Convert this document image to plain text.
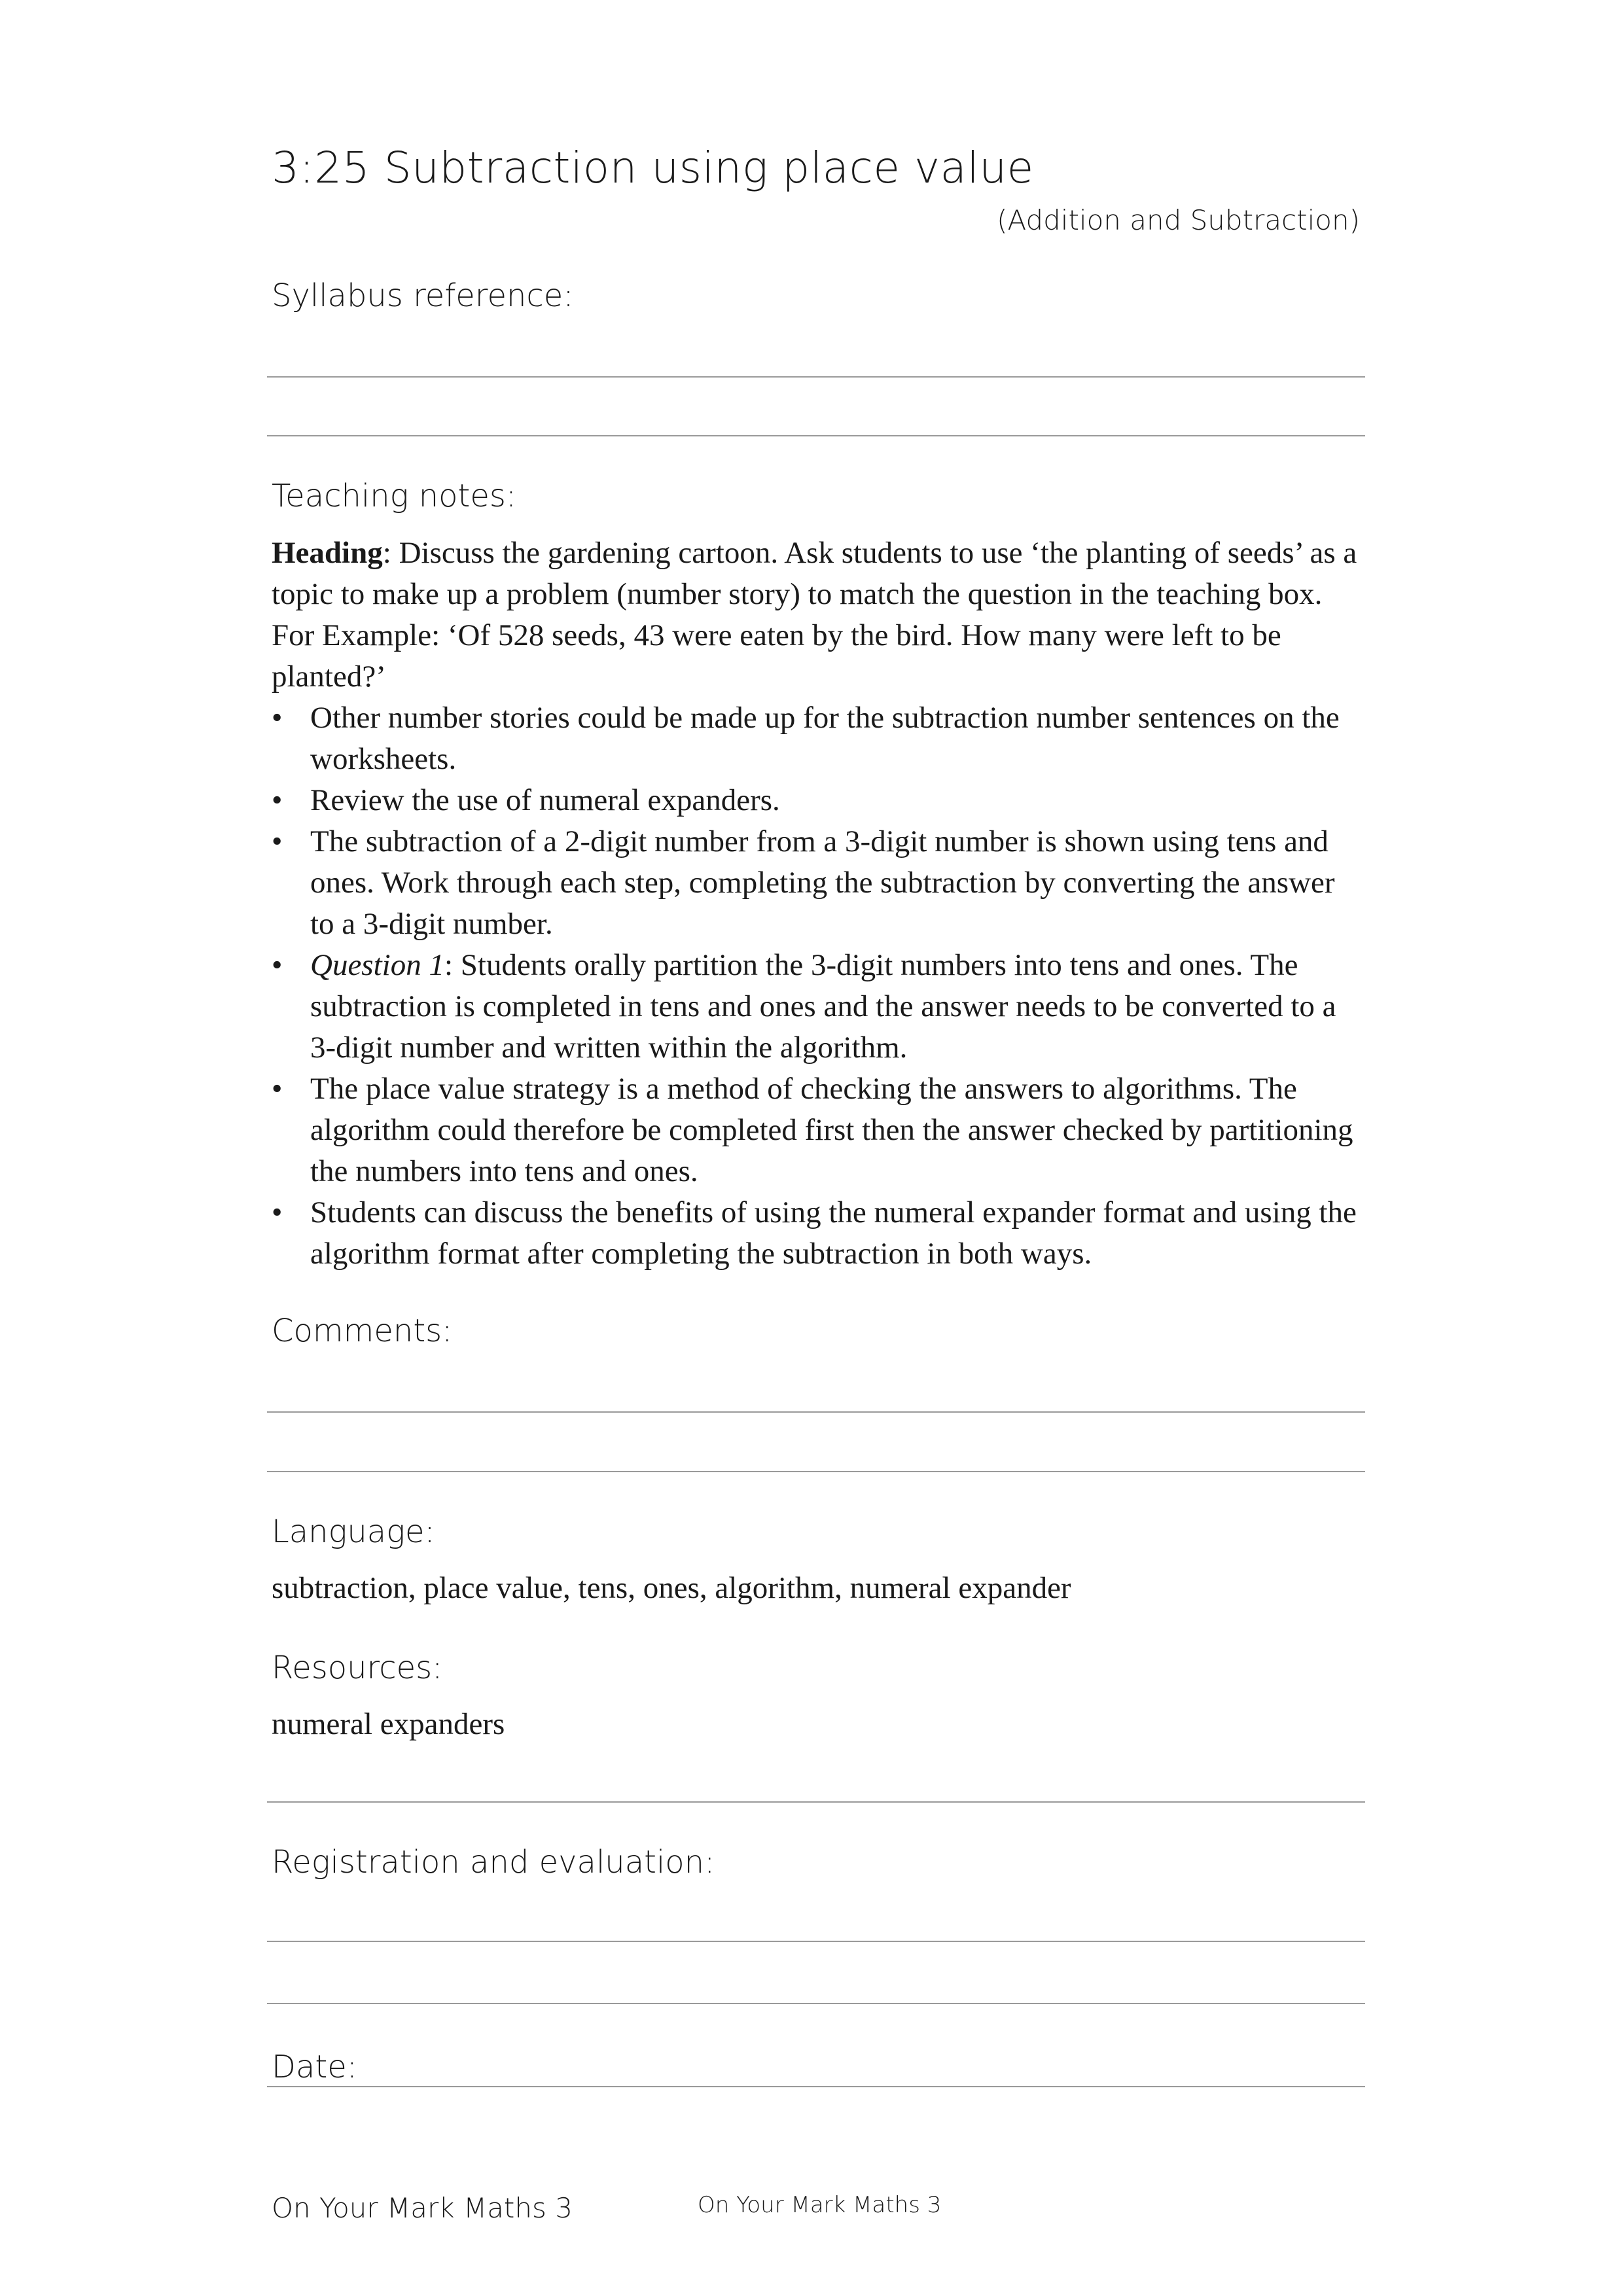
3:25 Subtraction using place value
(Addition and Subtraction)
Syllabus reference:
Teaching notes:

Heading: Discuss the gardening cartoon. Ask students to use ‘the planting of seeds’ as a topic to make up a problem (number story) to match the question in the teaching box. For Example: ‘Of 528 seeds, 43 were eaten by the bird. How many were left to be planted?’

• Other number stories could be made up for the subtraction number sentences on the worksheets.
• Review the use of numeral expanders.
• The subtraction of a 2-digit number from a 3-digit number is shown using tens and ones. Work through each step, completing the subtraction by converting the answer to a 3-digit number.
• Question 1: Students orally partition the 3-digit numbers into tens and ones. The subtraction is completed in tens and ones and the answer needs to be converted to a 3-digit number and written within the algorithm.
• The place value strategy is a method of checking the answers to algorithms. The algorithm could therefore be completed first then the answer checked by partitioning the numbers into tens and ones.
• Students can discuss the benefits of using the numeral expander format and using the algorithm format after completing the subtraction in both ways.
Comments:
Language:
subtraction, place value, tens, ones, algorithm, numeral expander
Resources:
numeral expanders
Registration and evaluation:
Date:
On Your Mark Maths 3	On Your Mark Maths 3
